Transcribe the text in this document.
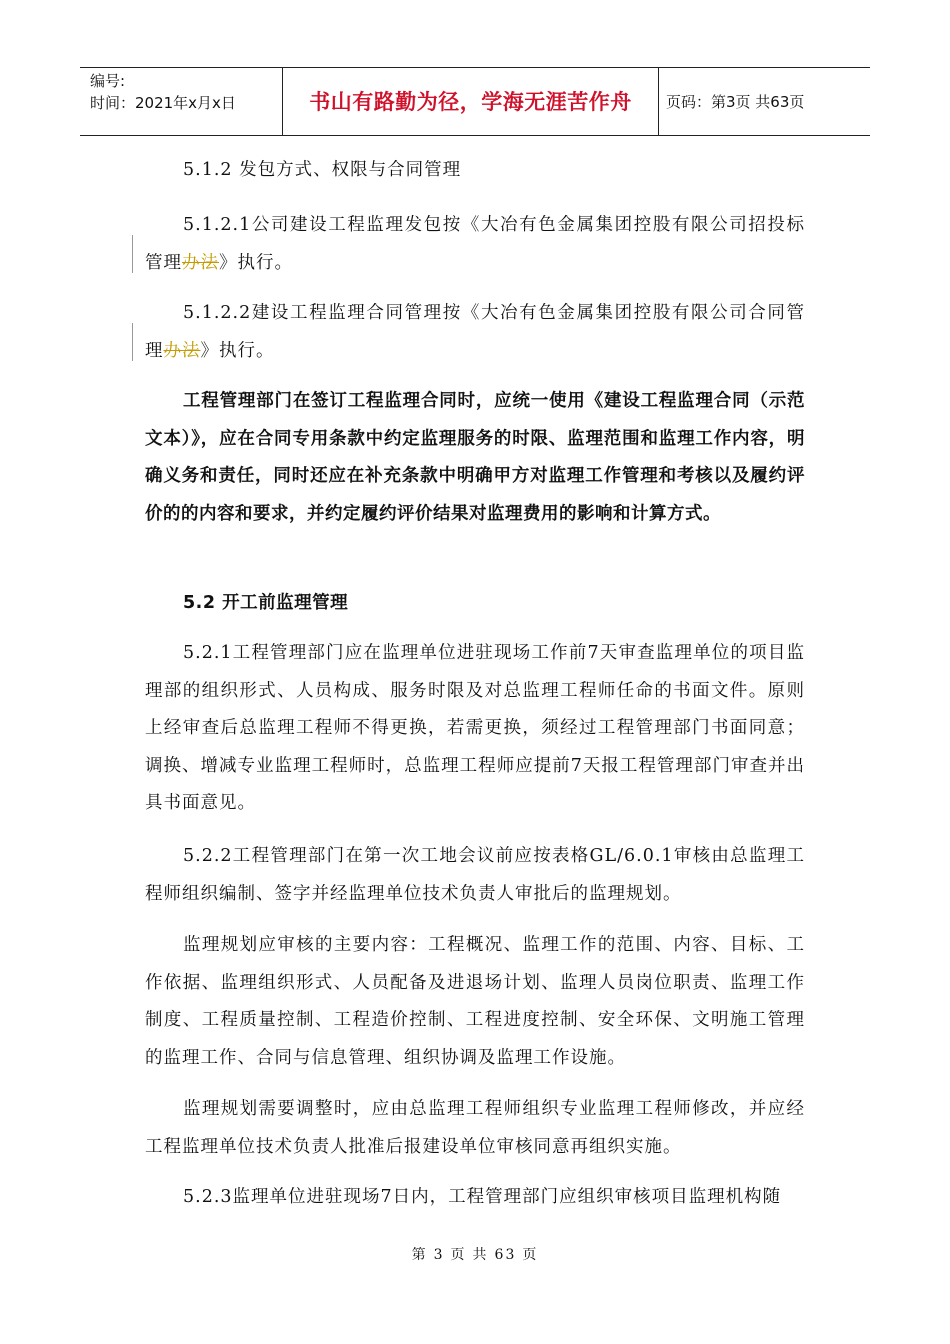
编号:
时间：2021年x月x日	书山有路勤为径，学海无涯苦作舟	页码：第3页 共63页
5.1.2 发包方式、权限与合同管理
5.1.2.1公司建设工程监理发包按《大冶有色金属集团控股有限公司招投标管理办法》执行。
5.1.2.2建设工程监理合同管理按《大冶有色金属集团控股有限公司合同管理办法》执行。
工程管理部门在签订工程监理合同时，应统一使用《建设工程监理合同（示范文本）》，应在合同专用条款中约定监理服务的时限、监理范围和监理工作内容，明确义务和责任，同时还应在补充条款中明确甲方对监理工作管理和考核以及履约评价的的内容和要求，并约定履约评价结果对监理费用的影响和计算方式。
5.2 开工前监理管理
5.2.1工程管理部门应在监理单位进驻现场工作前7天审查监理单位的项目监理部的组织形式、人员构成、服务时限及对总监理工程师任命的书面文件。原则上经审查后总监理工程师不得更换，若需更换，须经过工程管理部门书面同意；调换、增减专业监理工程师时，总监理工程师应提前7天报工程管理部门审查并出具书面意见。
5.2.2工程管理部门在第一次工地会议前应按表格GL/6.0.1审核由总监理工程师组织编制、签字并经监理单位技术负责人审批后的监理规划。
监理规划应审核的主要内容：工程概况、监理工作的范围、内容、目标、工作依据、监理组织形式、人员配备及进退场计划、监理人员岗位职责、监理工作制度、工程质量控制、工程造价控制、工程进度控制、安全环保、文明施工管理的监理工作、合同与信息管理、组织协调及监理工作设施。
监理规划需要调整时，应由总监理工程师组织专业监理工程师修改，并应经工程监理单位技术负责人批准后报建设单位审核同意再组织实施。
5.2.3监理单位进驻现场7日内，工程管理部门应组织审核项目监理机构随
第 3 页 共 63 页
